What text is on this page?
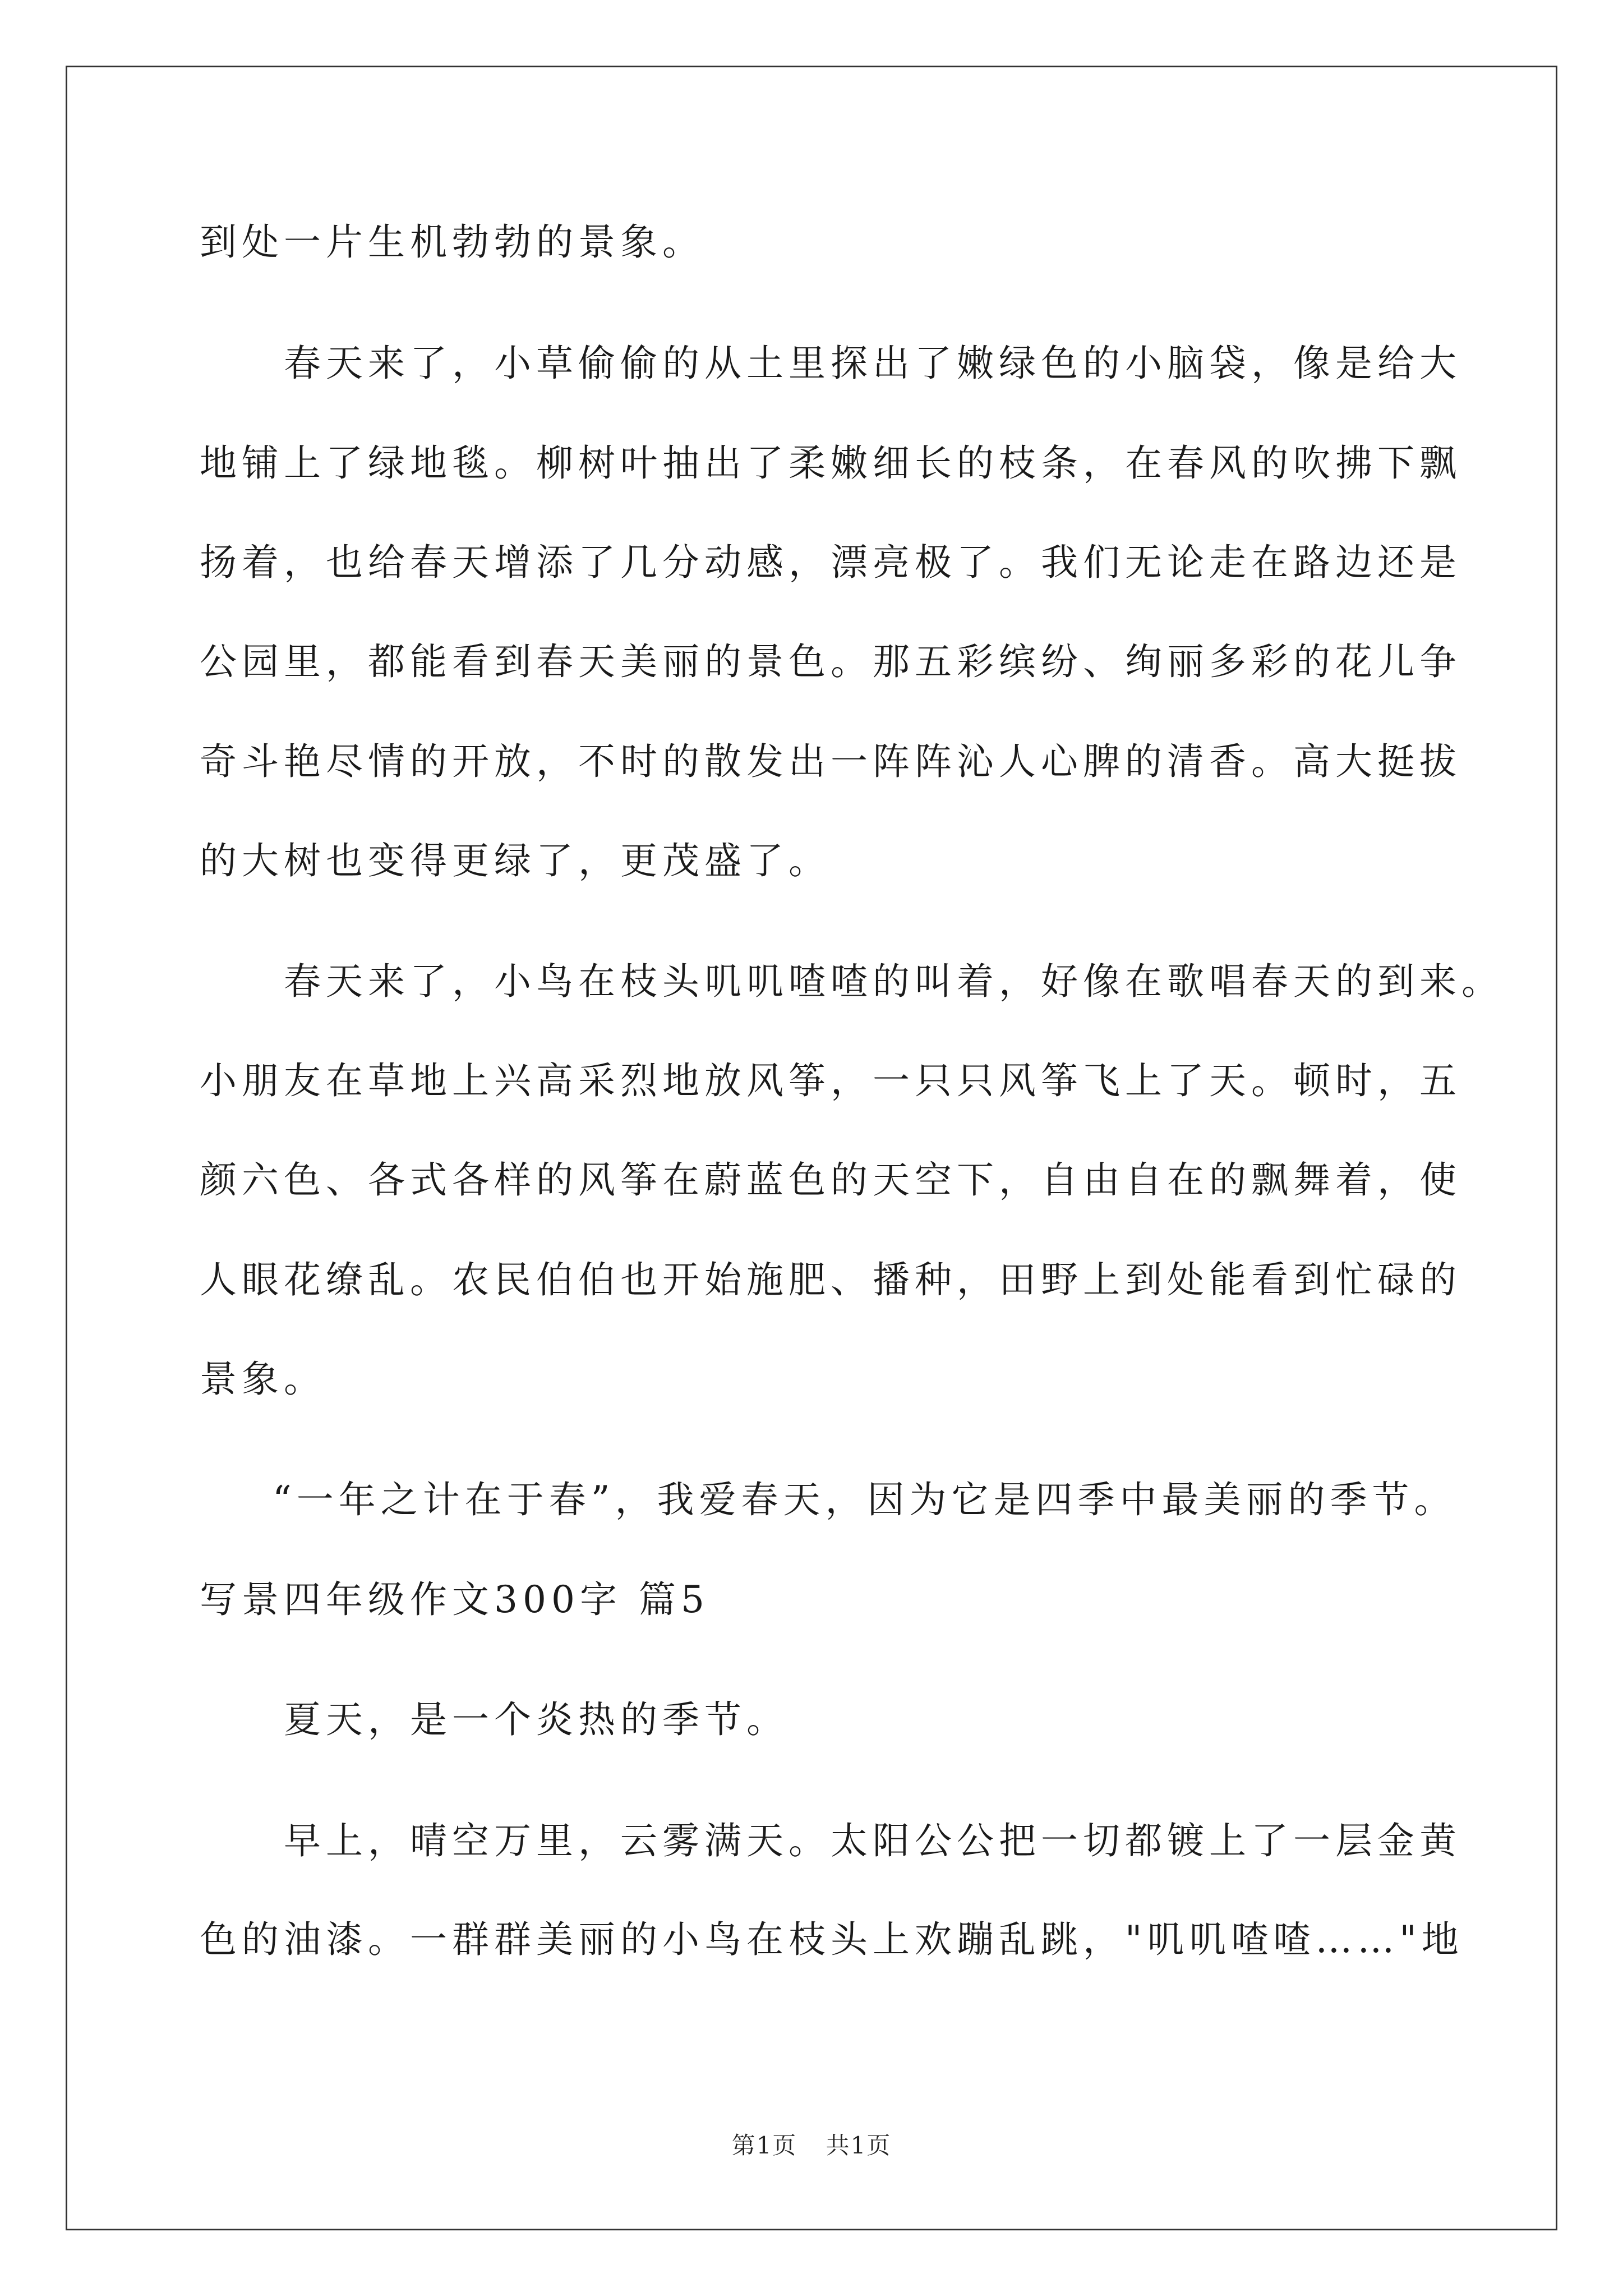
到处一片生机勃勃的景象。

春天来了，小草偷偷的从土里探出了嫩绿色的小脑袋，像是给大

地铺上了绿地毯。柳树叶抽出了柔嫩细长的枝条，在春风的吹拂下飘

扬着，也给春天增添了几分动感，漂亮极了。我们无论走在路边还是

公园里，都能看到春天美丽的景色。那五彩缤纷、绚丽多彩的花儿争

奇斗艳尽情的开放，不时的散发出一阵阵沁人心脾的清香。高大挺拔

的大树也变得更绿了，更茂盛了。

春天来了，小鸟在枝头叽叽喳喳的叫着，好像在歌唱春天的到来。

小朋友在草地上兴高采烈地放风筝，一只只风筝飞上了天。顿时，五

颜六色、各式各样的风筝在蔚蓝色的天空下，自由自在的飘舞着，使

人眼花缭乱。农民伯伯也开始施肥、播种，田野上到处能看到忙碌的

景象。

“一年之计在于春”，我爱春天，因为它是四季中最美丽的季节。

写景四年级作文300字 篇5

夏天，是一个炎热的季节。

早上，晴空万里，云雾满天。太阳公公把一切都镀上了一层金黄

色的油漆。一群群美丽的小鸟在枝头上欢蹦乱跳，"叽叽喳喳……"地

第1页 共1页
